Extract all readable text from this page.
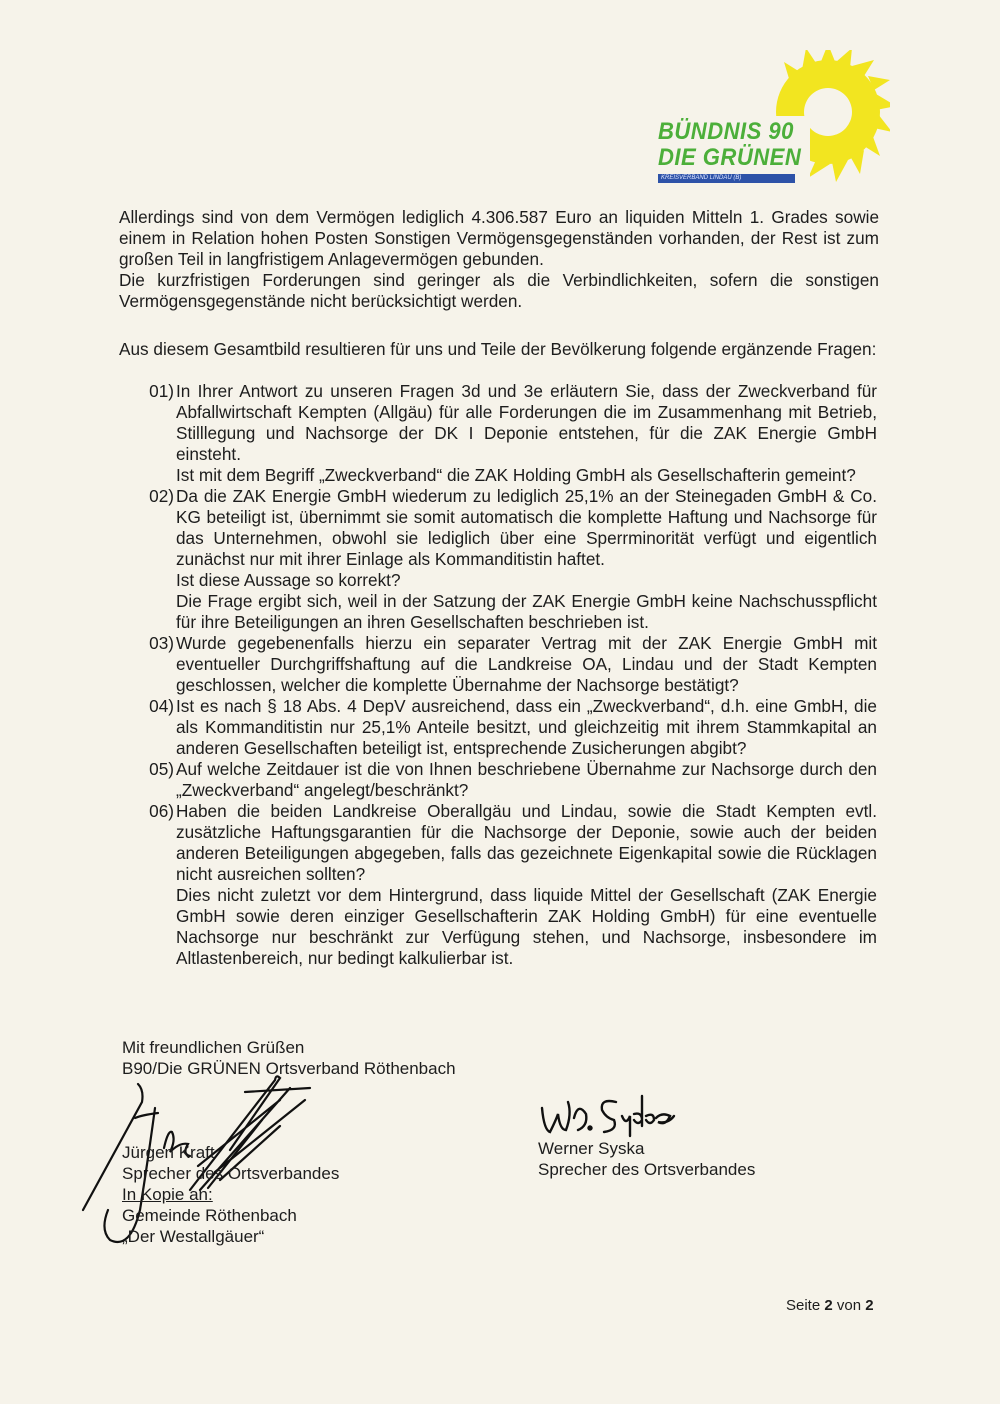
BÜNDNIS 90
DIE GRÜNEN
KREISVERBAND LINDAU (B)

Allerdings sind von dem Vermögen lediglich 4.306.587 Euro an liquiden Mitteln 1. Grades sowie einem in Relation hohen Posten Sonstigen Vermögensgegenständen vorhanden, der Rest ist zum großen Teil in langfristigem Anlagevermögen gebunden.

Die kurzfristigen Forderungen sind geringer als die Verbindlichkeiten, sofern die sonstigen Vermögensgegenstände nicht berücksichtigt werden.

Aus diesem Gesamtbild resultieren für uns und Teile der Bevölkerung folgende ergänzende Fragen:

01) In Ihrer Antwort zu unseren Fragen 3d und 3e erläutern Sie, dass der Zweckverband für Abfallwirtschaft Kempten (Allgäu) für alle Forderungen die im Zusammenhang mit Betrieb, Stilllegung und Nachsorge der DK I Deponie entstehen, für die ZAK Energie GmbH einsteht.

Ist mit dem Begriff „Zweckverband“ die ZAK Holding GmbH als Gesellschafterin gemeint?

02) Da die ZAK Energie GmbH wiederum zu lediglich 25,1% an der Steinegaden GmbH & Co. KG beteiligt ist, übernimmt sie somit automatisch die komplette Haftung und Nachsorge für das Unternehmen, obwohl sie lediglich über eine Sperrminorität verfügt und eigentlich zunächst nur mit ihrer Einlage als Kommanditistin haftet.

Ist diese Aussage so korrekt?

Die Frage ergibt sich, weil in der Satzung der ZAK Energie GmbH keine Nachschusspflicht für ihre Beteiligungen an ihren Gesellschaften beschrieben ist.

03) Wurde gegebenenfalls hierzu ein separater Vertrag mit der ZAK Energie GmbH mit eventueller Durchgriffshaftung auf die Landkreise OA, Lindau und der Stadt Kempten geschlossen, welcher die komplette Übernahme der Nachsorge bestätigt?

04) Ist es nach § 18 Abs. 4 DepV ausreichend, dass ein „Zweckverband“, d.h. eine GmbH, die als Kommanditistin nur 25,1% Anteile besitzt, und gleichzeitig mit ihrem Stammkapital an anderen Gesellschaften beteiligt ist, entsprechende Zusicherungen abgibt?

05) Auf welche Zeitdauer ist die von Ihnen beschriebene Übernahme zur Nachsorge durch den „Zweckverband“ angelegt/beschränkt?

06) Haben die beiden Landkreise Oberallgäu und Lindau, sowie die Stadt Kempten evtl. zusätzliche Haftungsgarantien für die Nachsorge der Deponie, sowie auch der beiden anderen Beteiligungen abgegeben, falls das gezeichnete Eigenkapital sowie die Rücklagen nicht ausreichen sollten?

Dies nicht zuletzt vor dem Hintergrund, dass liquide Mittel der Gesellschaft (ZAK Energie GmbH sowie deren einziger Gesellschafterin ZAK Holding GmbH) für eine eventuelle Nachsorge nur beschränkt zur Verfügung stehen, und Nachsorge, insbesondere im Altlastenbereich, nur bedingt kalkulierbar ist.

Mit freundlichen Grüßen

B90/Die GRÜNEN Ortsverband Röthenbach

Jürgen Kraft

Sprecher des Ortsverbandes

In Kopie an:

Gemeinde Röthenbach

„Der Westallgäuer“

Werner Syska

Sprecher des Ortsverbandes

Seite 2 von 2
